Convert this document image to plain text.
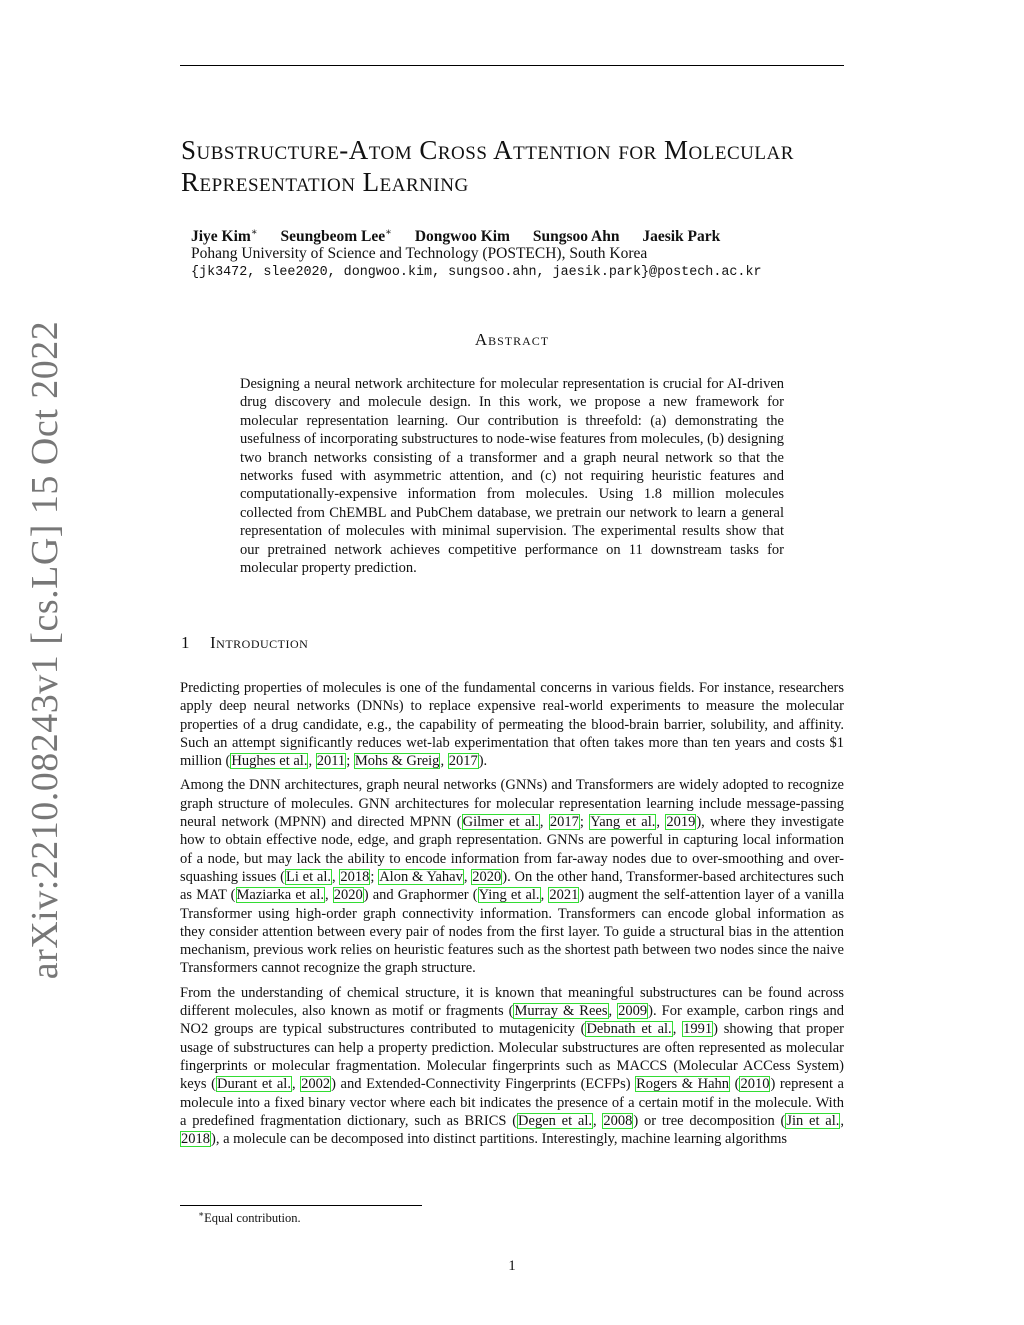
arXiv:2210.08243v1 [cs.LG] 15 Oct 2022
Substructure-Atom Cross Attention for Molecular Representation Learning
Jiye Kim∗ Seungbeom Lee∗ Dongwoo Kim Sungsoo Ahn Jaesik Park
Pohang University of Science and Technology (POSTECH), South Korea
{jk3472, slee2020, dongwoo.kim, sungsoo.ahn, jaesik.park}@postech.ac.kr
Abstract

Designing a neural network architecture for molecular representation is crucial for AI-driven drug discovery and molecule design. In this work, we propose a new framework for molecular representation learning. Our contribution is threefold: (a) demonstrating the usefulness of incorporating substructures to node-wise features from molecules, (b) designing two branch networks consisting of a transformer and a graph neural network so that the networks fused with asymmetric attention, and (c) not requiring heuristic features and computationally-expensive information from molecules. Using 1.8 million molecules collected from ChEMBL and PubChem database, we pretrain our network to learn a general representation of molecules with minimal supervision. The experimental results show that our pretrained network achieves competitive performance on 11 downstream tasks for molecular property prediction.

1 Introduction

Predicting properties of molecules is one of the fundamental concerns in various fields. For instance, researchers apply deep neural networks (DNNs) to replace expensive real-world experiments to measure the molecular properties of a drug candidate, e.g., the capability of permeating the blood-brain barrier, solubility, and affinity. Such an attempt significantly reduces wet-lab experimentation that often takes more than ten years and costs $1 million (Hughes et al., 2011; Mohs & Greig, 2017).

Among the DNN architectures, graph neural networks (GNNs) and Transformers are widely adopted to recognize graph structure of molecules. GNN architectures for molecular representation learning include message-passing neural network (MPNN) and directed MPNN (Gilmer et al., 2017; Yang et al., 2019), where they investigate how to obtain effective node, edge, and graph representation. GNNs are powerful in capturing local information of a node, but may lack the ability to encode information from far-away nodes due to over-smoothing and over-squashing issues (Li et al., 2018; Alon & Yahav, 2020). On the other hand, Transformer-based architectures such as MAT (Maziarka et al., 2020) and Graphormer (Ying et al., 2021) augment the self-attention layer of a vanilla Transformer using high-order graph connectivity information. Transformers can encode global information as they consider attention between every pair of nodes from the first layer. To guide a structural bias in the attention mechanism, previous work relies on heuristic features such as the shortest path between two nodes since the naive Transformers cannot recognize the graph structure.

From the understanding of chemical structure, it is known that meaningful substructures can be found across different molecules, also known as motif or fragments (Murray & Rees, 2009). For example, carbon rings and NO2 groups are typical substructures contributed to mutagenicity (Debnath et al., 1991) showing that proper usage of substructures can help a property prediction. Molecular substructures are often represented as molecular fingerprints or molecular fragmentation. Molecular fingerprints such as MACCS (Molecular ACCess System) keys (Durant et al., 2002) and Extended-Connectivity Fingerprints (ECFPs) Rogers & Hahn (2010) represent a molecule into a fixed binary vector where each bit indicates the presence of a certain motif in the molecule. With a predefined fragmentation dictionary, such as BRICS (Degen et al., 2008) or tree decomposition (Jin et al., 2018), a molecule can be decomposed into distinct partitions. Interestingly, machine learning algorithms

∗Equal contribution.
1
